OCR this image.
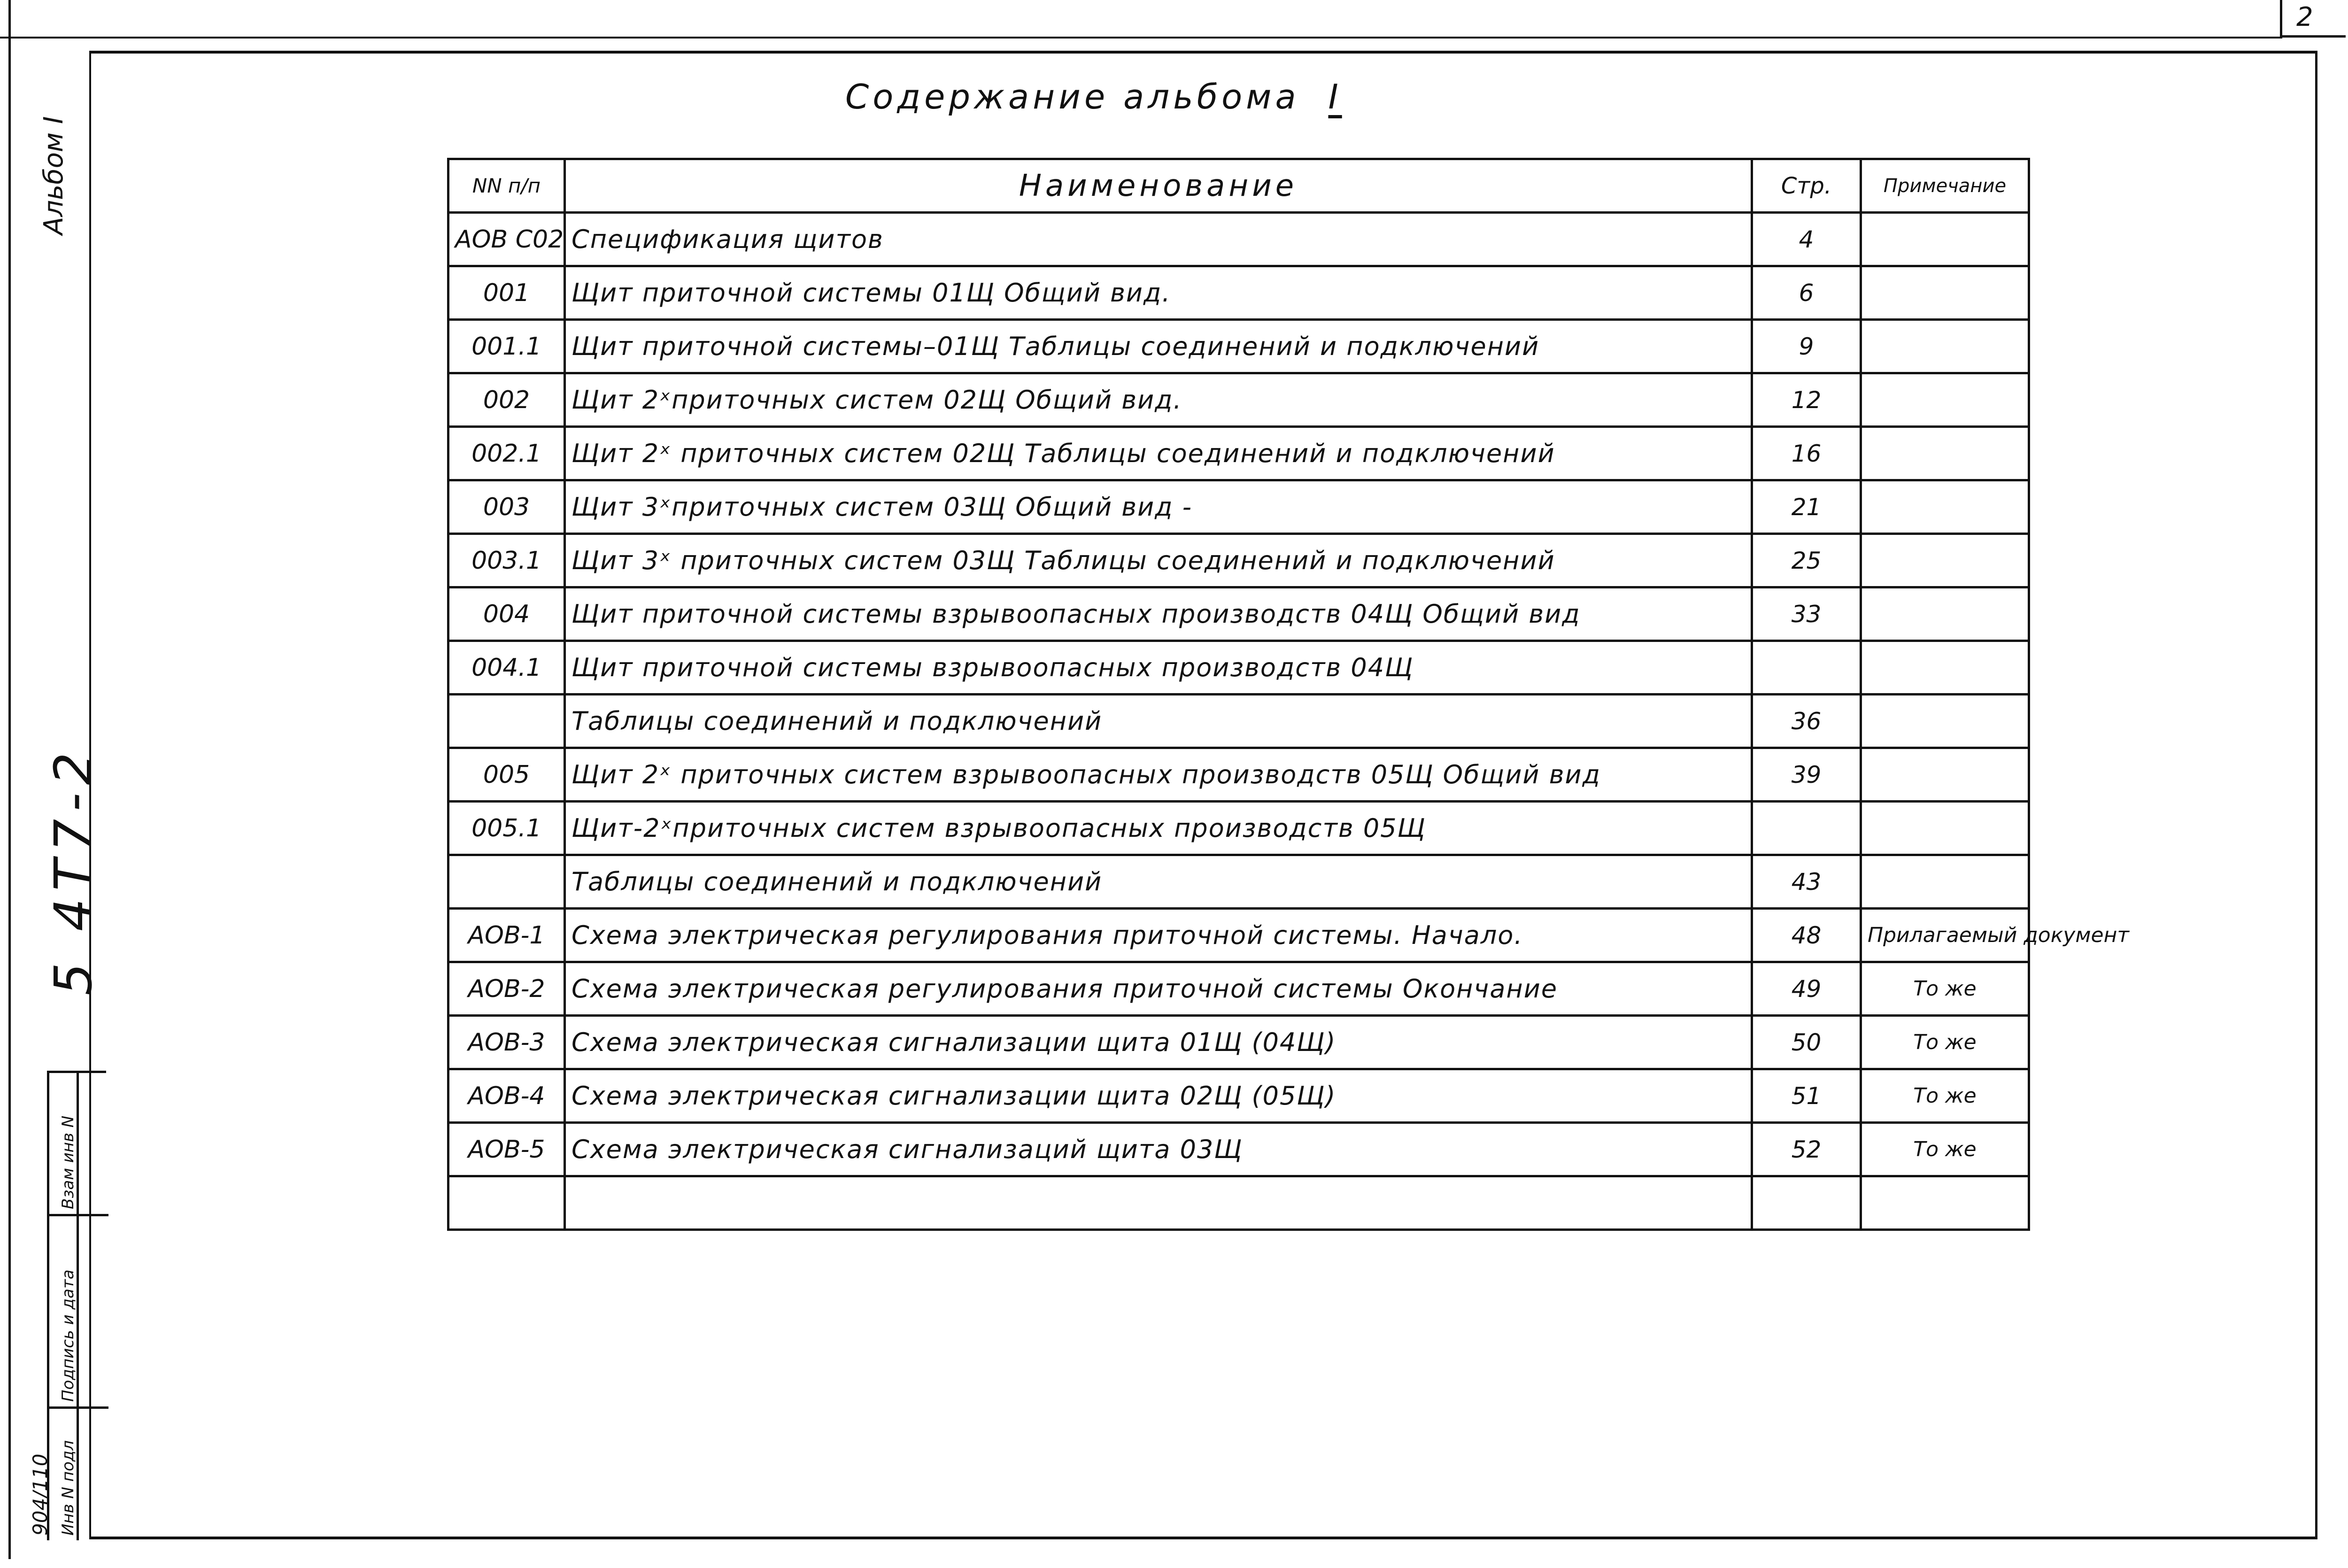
2
Альбом I
5 4Т7-2
Взам инв N
Подпись и дата
Инв N подл
904/110
Содержание альбома I
NN п/п	Наименование	Стр.	Примечание
АОВ С02	Спецификация щитов	4	
001	Щит приточной системы 01Щ Общий вид.	6	
001.1	Щит приточной системы–01Щ Таблицы соединений и подключений	9	
002	Щит 2ˣприточных систем 02Щ Общий вид.	12	
002.1	Щит 2ˣ приточных систем 02Щ Таблицы соединений и подключений	16	
003	Щит 3ˣприточных систем 03Щ Общий вид -	21	
003.1	Щит 3ˣ приточных систем 03Щ Таблицы соединений и подключений	25	
004	Щит приточной системы взрывоопасных производств 04Щ Общий вид	33	
004.1	Щит приточной системы взрывоопасных производств 04Щ		
	Таблицы соединений и подключений	36	
005	Щит 2ˣ приточных систем взрывоопасных производств 05Щ Общий вид	39	
005.1	Щит-2ˣприточных систем взрывоопасных производств 05Щ		
	Таблицы соединений и подключений	43	
АОВ-1	Схема электрическая регулирования приточной системы. Начало.	48	Прилагаемый документ
АОВ-2	Схема электрическая регулирования приточной системы Окончание	49	То же
АОВ-3	Схема электрическая сигнализации щита 01Щ (04Щ)	50	То же
АОВ-4	Схема электрическая сигнализации щита 02Щ (05Щ)	51	То же
АОВ-5	Схема электрическая сигнализаций щита 03Щ	52	То же
